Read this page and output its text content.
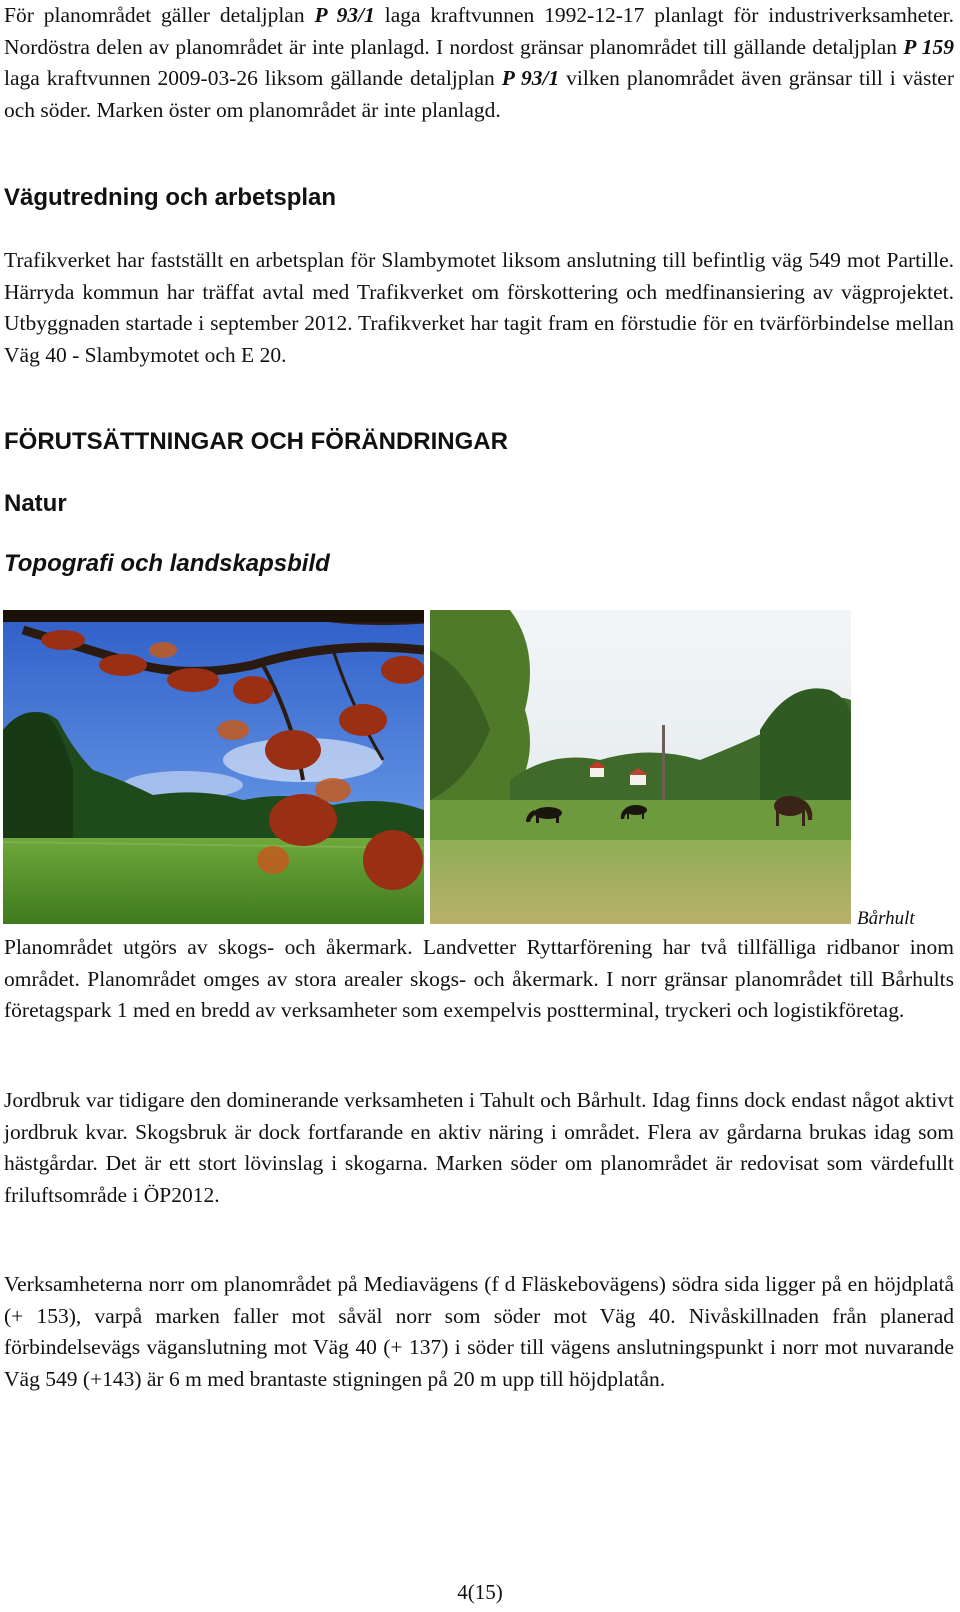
För planområdet gäller detaljplan P 93/1 laga kraftvunnen 1992-12-17 planlagt för industriverksamheter. Nordöstra delen av planområdet är inte planlagd. I nordost gränsar planområdet till gällande detaljplan P 159 laga kraftvunnen 2009-03-26 liksom gällande detaljplan P 93/1 vilken planområdet även gränsar till i väster och söder. Marken öster om planområdet är inte planlagd.

Vägutredning och arbetsplan

Trafikverket har fastställt en arbetsplan för Slambymotet liksom anslutning till befintlig väg 549 mot Partille. Härryda kommun har träffat avtal med Trafikverket om förskottering och medfinansiering av vägprojektet. Utbyggnaden startade i september 2012. Trafikverket har tagit fram en förstudie för en tvärförbindelse mellan Väg 40 - Slambymotet och E 20.

FÖRUTSÄTTNINGAR OCH FÖRÄNDRINGAR
Natur
Topografi och landskapsbild
Bårhult

Planområdet utgörs av skogs- och åkermark. Landvetter Ryttarförening har två tillfälliga ridbanor inom området. Planområdet omges av stora arealer skogs- och åkermark. I norr gränsar planområdet till Bårhults företagspark 1 med en bredd av verksamheter som exempelvis postterminal, tryckeri och logistikföretag.

Jordbruk var tidigare den dominerande verksamheten i Tahult och Bårhult. Idag finns dock endast något aktivt jordbruk kvar. Skogsbruk är dock fortfarande en aktiv näring i området. Flera av gårdarna brukas idag som hästgårdar. Det är ett stort lövinslag i skogarna. Marken söder om planområdet är redovisat som värdefullt friluftsområde i ÖP2012.

Verksamheterna norr om planområdet på Mediavägens (f d Fläskebovägens) södra sida ligger på en höjdplatå (+ 153), varpå marken faller mot såväl norr som söder mot Väg 40. Nivåskillnaden från planerad förbindelsevägs väganslutning mot Väg 40 (+ 137) i söder till vägens anslutningspunkt i norr mot nuvarande Väg 549 (+143) är 6 m med brantaste stigningen på 20 m upp till höjdplatån.

4(15)
